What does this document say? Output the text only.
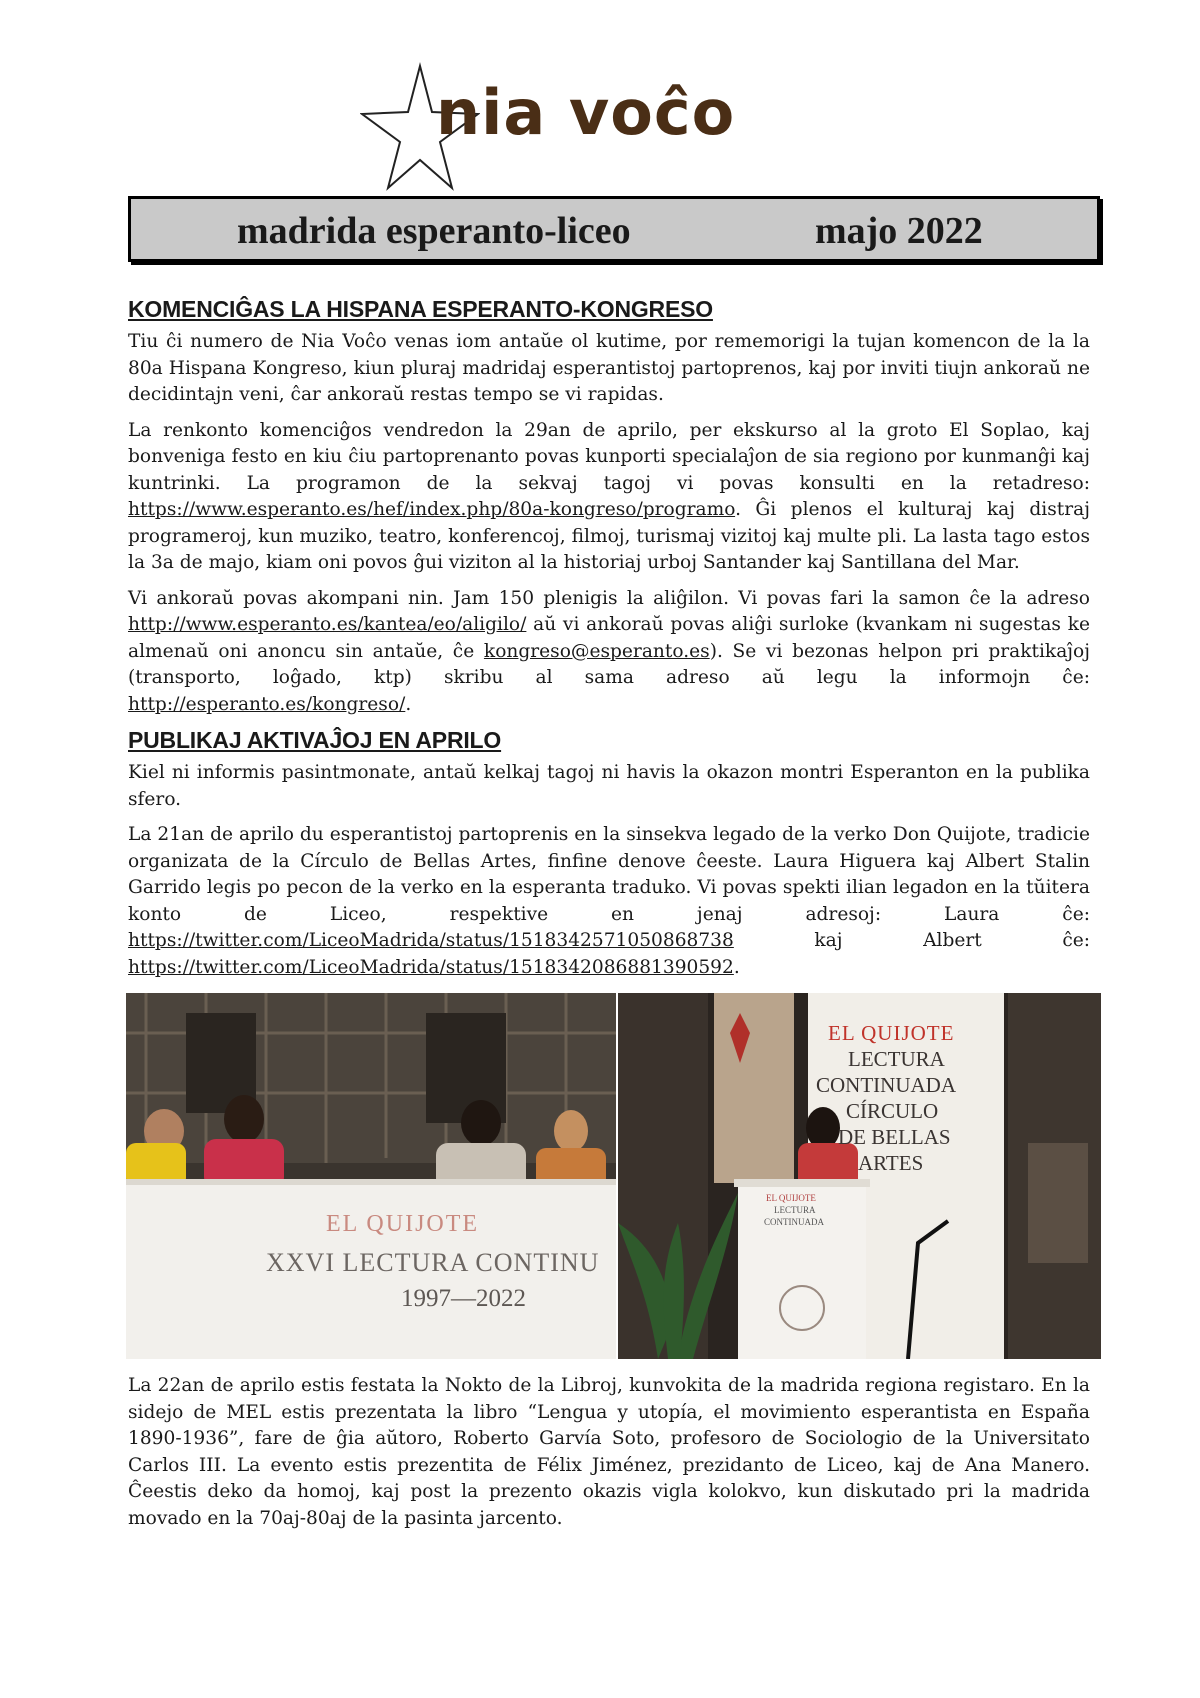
nia voĉo
madrida esperanto-liceo	majo 2022
KOMENCIĜAS LA HISPANA ESPERANTO-KONGRESO

Tiu ĉi numero de Nia Voĉo venas iom antaŭe ol kutime, por rememorigi la tujan komencon de la la 80a Hispana Kongreso, kiun pluraj madridaj esperantistoj partoprenos, kaj por inviti tiujn ankoraŭ ne decidintajn veni, ĉar ankoraŭ restas tempo se vi rapidas.

La renkonto komenciĝos vendredon la 29an de aprilo, per ekskurso al la groto El Soplao, kaj bonveniga festo en kiu ĉiu partoprenanto povas kunporti specialaĵon de sia regiono por kunmanĝi kaj kuntrinki. La programon de la sekvaj tagoj vi povas konsulti en la retadreso: https://www.esperanto.es/hef/index.php/80a-kongreso/programo. Ĝi plenos el kulturaj kaj distraj programeroj, kun muziko, teatro, konferencoj, filmoj, turismaj vizitoj kaj multe pli. La lasta tago estos la 3a de majo, kiam oni povos ĝui viziton al la historiaj urboj Santander kaj Santillana del Mar.

Vi ankoraŭ povas akompani nin. Jam 150 plenigis la aliĝilon. Vi povas fari la samon ĉe la adreso http://www.esperanto.es/kantea/eo/aligilo/ aŭ vi ankoraŭ povas aliĝi surloke (kvankam ni sugestas ke almenaŭ oni anoncu sin antaŭe, ĉe kongreso@esperanto.es). Se vi bezonas helpon pri praktikaĵoj (transporto, loĝado, ktp) skribu al sama adreso aŭ legu la informojn ĉe: http://esperanto.es/kongreso/.

PUBLIKAJ AKTIVAĴOJ EN APRILO

Kiel ni informis pasintmonate, antaŭ kelkaj tagoj ni havis la okazon montri Esperanton en la publika sfero.

La 21an de aprilo du esperantistoj partoprenis en la sinsekva legado de la verko Don Quijote, tradicie organizata de la Círculo de Bellas Artes, finfine denove ĉeeste. Laura Higuera kaj Albert Stalin Garrido legis po pecon de la verko en la esperanta traduko. Vi povas spekti ilian legadon en la tŭitera konto de Liceo, respektive en jenaj adresoj: Laura ĉe: https://twitter.com/LiceoMadrida/status/1518342571050868738 kaj Albert ĉe: https://twitter.com/LiceoMadrida/status/1518342086881390592.

EL QUIJOTE
XXVI LECTURA CONTINU
1997—2022
EL QUIJOTE
LECTURA
CONTINUADA
CÍRCULO
DE BELLAS
ARTES
EL QUIJOTE
LECTURA
CONTINUADA

La 22an de aprilo estis festata la Nokto de la Libroj, kunvokita de la madrida regiona registaro. En la sidejo de MEL estis prezentata la libro “Lengua y utopía, el movimiento esperantista en España 1890-1936”, fare de ĝia aŭtoro, Roberto Garvía Soto, profesoro de Sociologio de la Universitato Carlos III. La evento estis prezentita de Félix Jiménez, prezidanto de Liceo, kaj de Ana Manero. Ĉeestis deko da homoj, kaj post la prezento okazis vigla kolokvo, kun diskutado pri la madrida movado en la 70aj-80aj de la pasinta jarcento.
